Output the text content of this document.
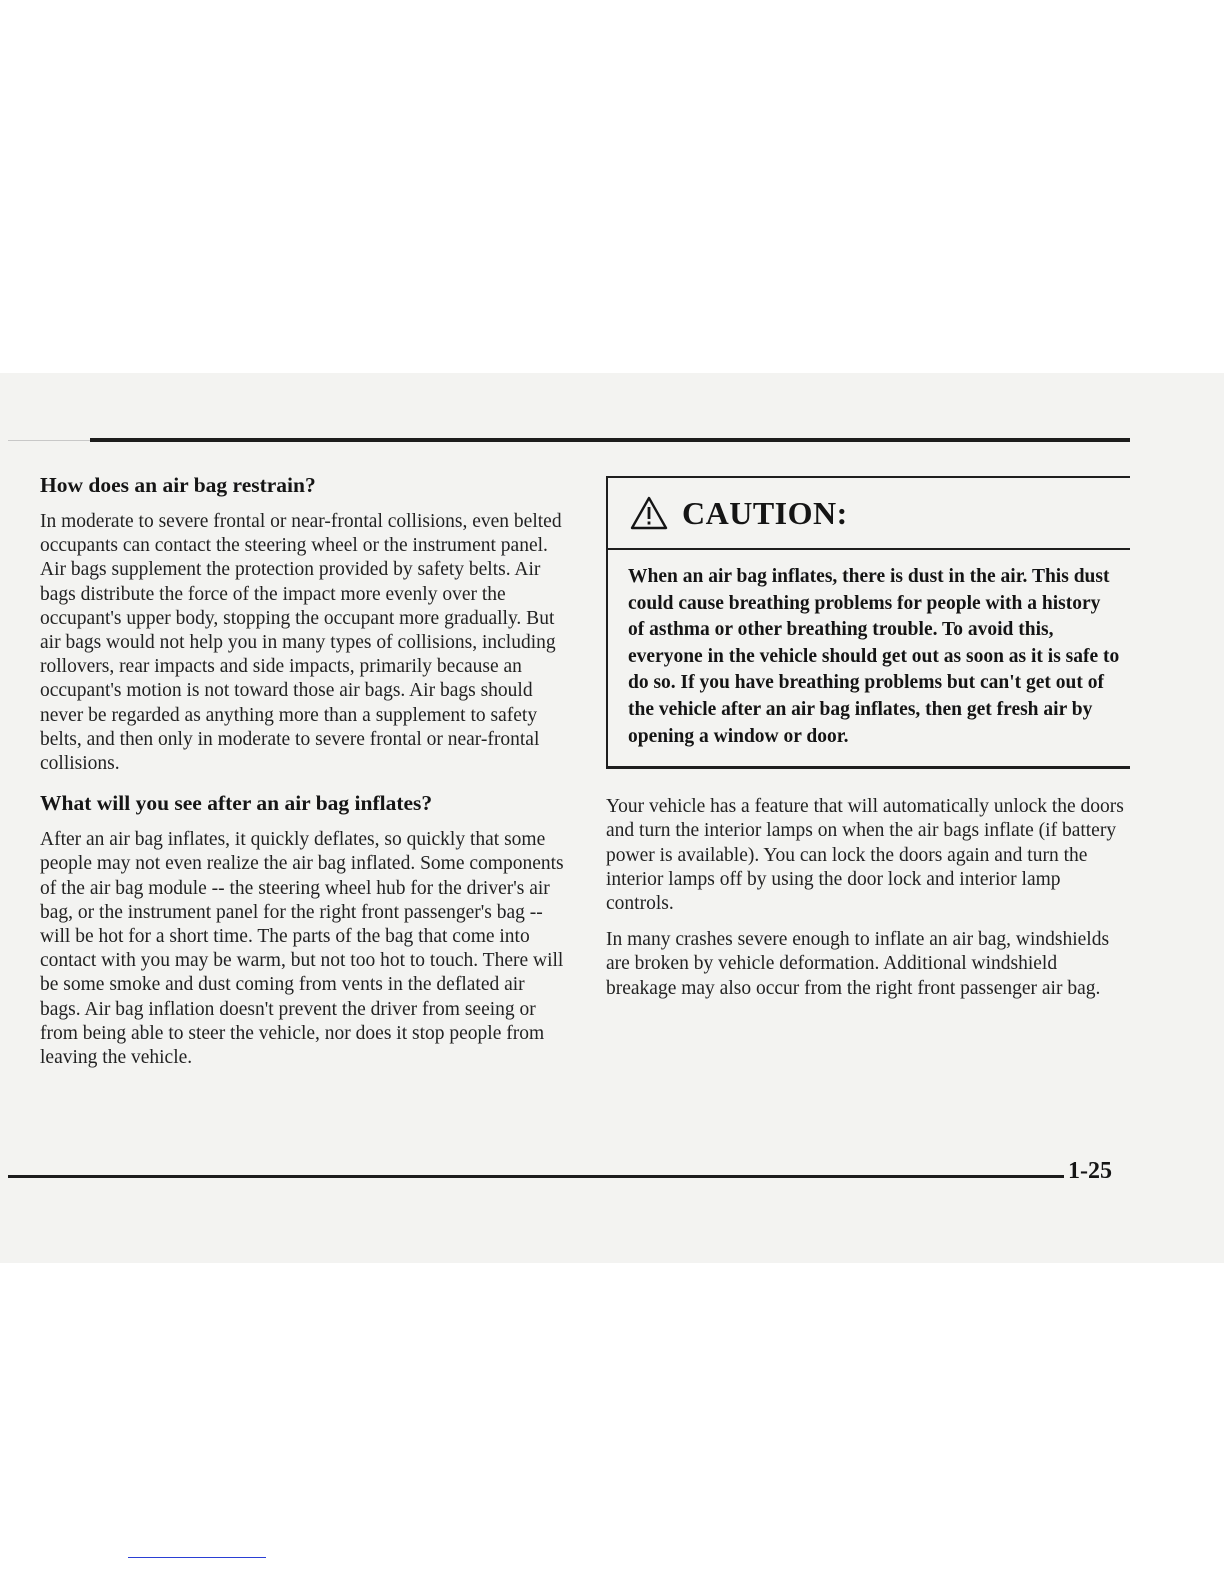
How does an air bag restrain?

In moderate to severe frontal or near-frontal collisions, even belted occupants can contact the steering wheel or the instrument panel. Air bags supplement the protection provided by safety belts. Air bags distribute the force of the impact more evenly over the occupant's upper body, stopping the occupant more gradually. But air bags would not help you in many types of collisions, including rollovers, rear impacts and side impacts, primarily because an occupant's motion is not toward those air bags. Air bags should never be regarded as anything more than a supplement to safety belts, and then only in moderate to severe frontal or near-frontal collisions.

What will you see after an air bag inflates?

After an air bag inflates, it quickly deflates, so quickly that some people may not even realize the air bag inflated. Some components of the air bag module -- the steering wheel hub for the driver's air bag, or the instrument panel for the right front passenger's bag -- will be hot for a short time. The parts of the bag that come into contact with you may be warm, but not too hot to touch. There will be some smoke and dust coming from vents in the deflated air bags. Air bag inflation doesn't prevent the driver from seeing or from being able to steer the vehicle, nor does it stop people from leaving the vehicle.

CAUTION:

When an air bag inflates, there is dust in the air. This dust could cause breathing problems for people with a history of asthma or other breathing trouble. To avoid this, everyone in the vehicle should get out as soon as it is safe to do so. If you have breathing problems but can't get out of the vehicle after an air bag inflates, then get fresh air by opening a window or door.

Your vehicle has a feature that will automatically unlock the doors and turn the interior lamps on when the air bags inflate (if battery power is available). You can lock the doors again and turn the interior lamps off by using the door lock and interior lamp controls.

In many crashes severe enough to inflate an air bag, windshields are broken by vehicle deformation. Additional windshield breakage may also occur from the right front passenger air bag.

1-25
